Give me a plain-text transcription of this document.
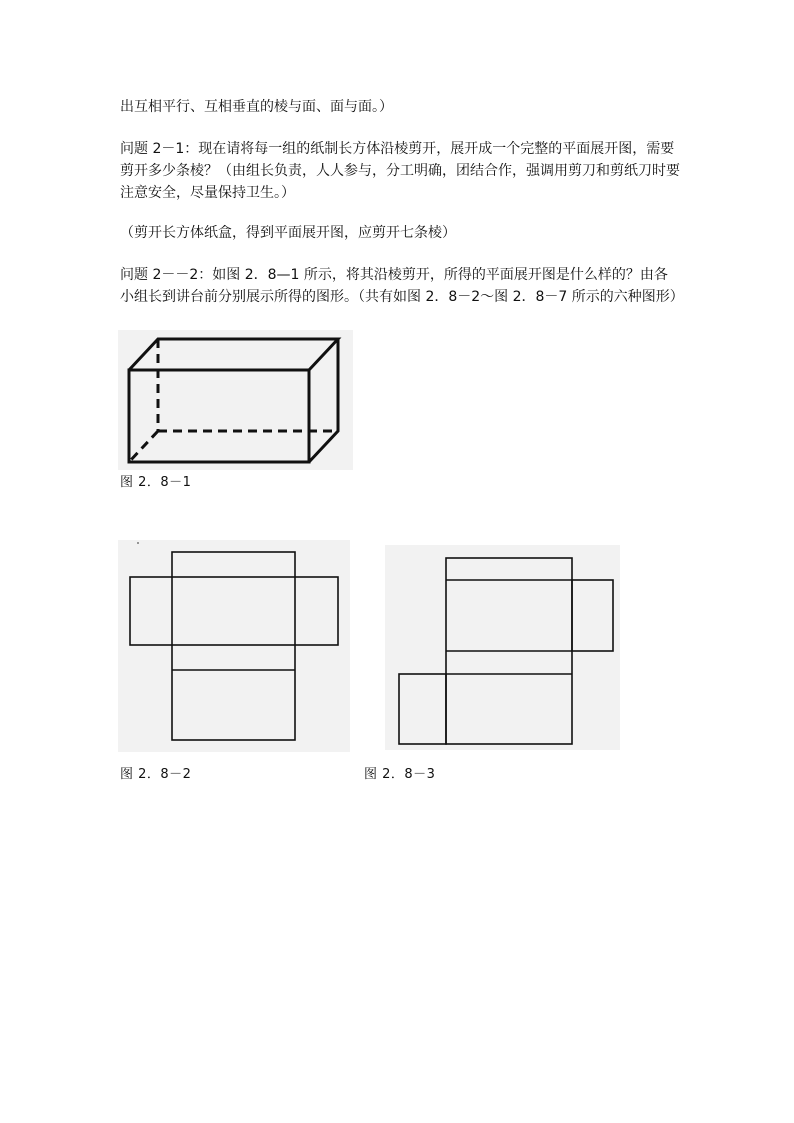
出互相平行、互相垂直的棱与面、面与面。）

问题 2－1：现在请将每一组的纸制长方体沿棱剪开，展开成一个完整的平面展开图，需要剪开多少条棱？（由组长负责，人人参与，分工明确，团结合作，强调用剪刀和剪纸刀时要注意安全，尽量保持卫生。）

（剪开长方体纸盒，得到平面展开图，应剪开七条棱）

问题 2－－2：如图 2．8—1 所示，将其沿棱剪开，所得的平面展开图是什么样的？由各小组长到讲台前分别展示所得的图形。（共有如图 2．8－2～图 2．8－7 所示的六种图形）

图 2．8－1
图 2．8－2	图 2．8－3
